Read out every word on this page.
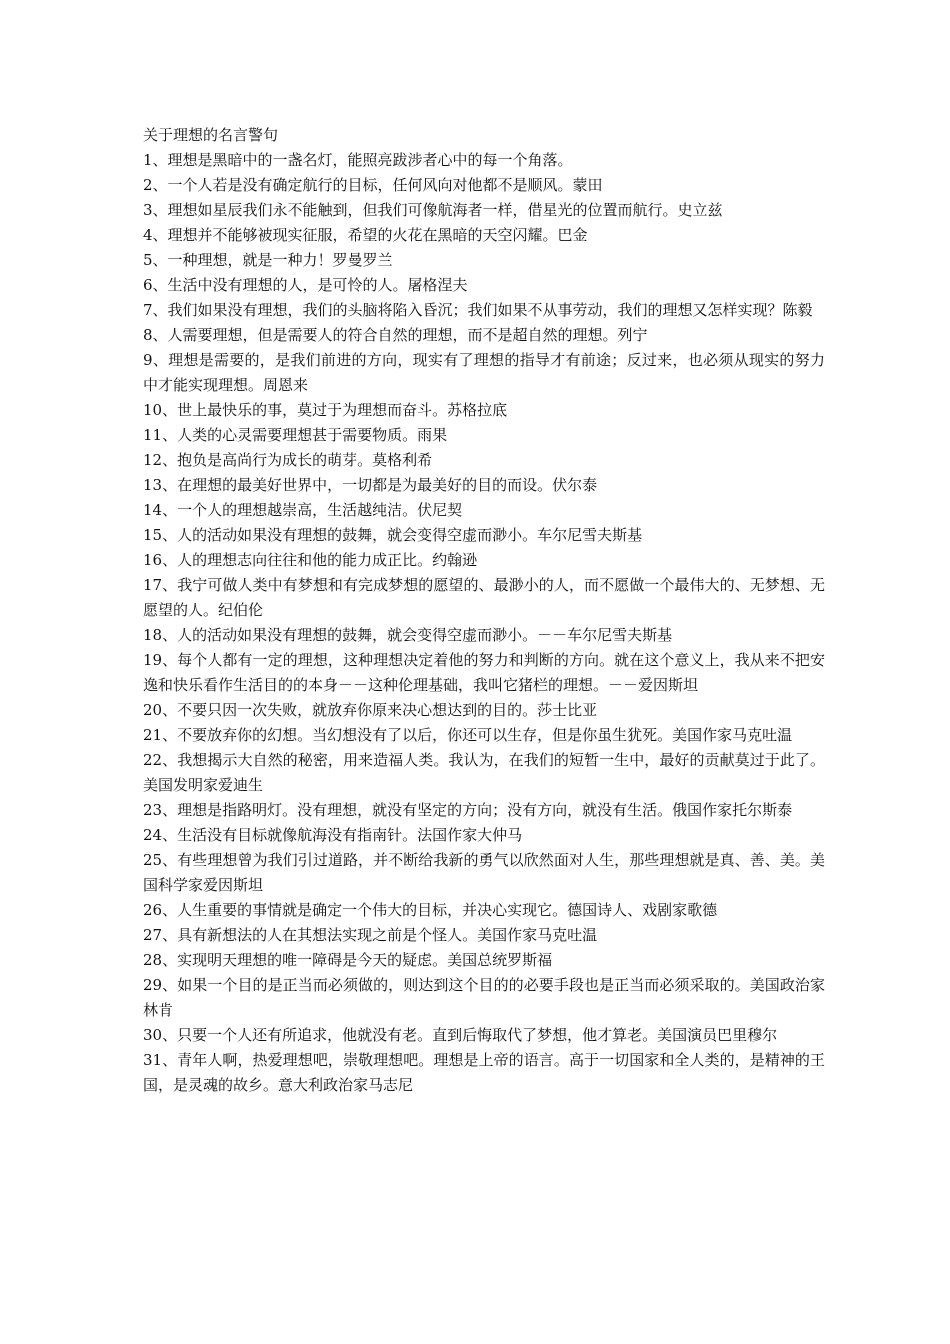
关于理想的名言警句
1、理想是黑暗中的一盏名灯，能照亮跋涉者心中的每一个角落。
2、一个人若是没有确定航行的目标，任何风向对他都不是顺风。蒙田
3、理想如星辰我们永不能触到，但我们可像航海者一样，借星光的位置而航行。史立兹
4、理想并不能够被现实征服，希望的火花在黑暗的天空闪耀。巴金
5、一种理想，就是一种力！罗曼罗兰
6、生活中没有理想的人，是可怜的人。屠格涅夫
7、我们如果没有理想，我们的头脑将陷入昏沉；我们如果不从事劳动，我们的理想又怎样实现？陈毅
8、人需要理想，但是需要人的符合自然的理想，而不是超自然的理想。列宁
9、理想是需要的，是我们前进的方向，现实有了理想的指导才有前途；反过来，也必须从现实的努力中才能实现理想。周恩来
10、世上最快乐的事，莫过于为理想而奋斗。苏格拉底
11、人类的心灵需要理想甚于需要物质。雨果
12、抱负是高尚行为成长的萌芽。莫格利希
13、在理想的最美好世界中，一切都是为最美好的目的而设。伏尔泰
14、一个人的理想越崇高，生活越纯洁。伏尼契
15、人的活动如果没有理想的鼓舞，就会变得空虚而渺小。车尔尼雪夫斯基
16、人的理想志向往往和他的能力成正比。约翰逊
17、我宁可做人类中有梦想和有完成梦想的愿望的、最渺小的人，而不愿做一个最伟大的、无梦想、无愿望的人。纪伯伦
18、人的活动如果没有理想的鼓舞，就会变得空虚而渺小。－－车尔尼雪夫斯基
19、每个人都有一定的理想，这种理想决定着他的努力和判断的方向。就在这个意义上，我从来不把安逸和快乐看作生活目的的本身－－这种伦理基础，我叫它猪栏的理想。－－爱因斯坦
20、不要只因一次失败，就放弃你原来决心想达到的目的。莎士比亚
21、不要放弃你的幻想。当幻想没有了以后，你还可以生存，但是你虽生犹死。美国作家马克吐温
22、我想揭示大自然的秘密，用来造福人类。我认为，在我们的短暂一生中，最好的贡献莫过于此了。美国发明家爱迪生
23、理想是指路明灯。没有理想，就没有坚定的方向；没有方向，就没有生活。俄国作家托尔斯泰
24、生活没有目标就像航海没有指南针。法国作家大仲马
25、有些理想曾为我们引过道路，并不断给我新的勇气以欣然面对人生，那些理想就是真、善、美。美国科学家爱因斯坦
26、人生重要的事情就是确定一个伟大的目标，并决心实现它。德国诗人、戏剧家歌德
27、具有新想法的人在其想法实现之前是个怪人。美国作家马克吐温
28、实现明天理想的唯一障碍是今天的疑虑。美国总统罗斯福
29、如果一个目的是正当而必须做的，则达到这个目的的必要手段也是正当而必须采取的。美国政治家林肯
30、只要一个人还有所追求，他就没有老。直到后悔取代了梦想，他才算老。美国演员巴里穆尔
31、青年人啊，热爱理想吧，崇敬理想吧。理想是上帝的语言。高于一切国家和全人类的，是精神的王国，是灵魂的故乡。意大利政治家马志尼
